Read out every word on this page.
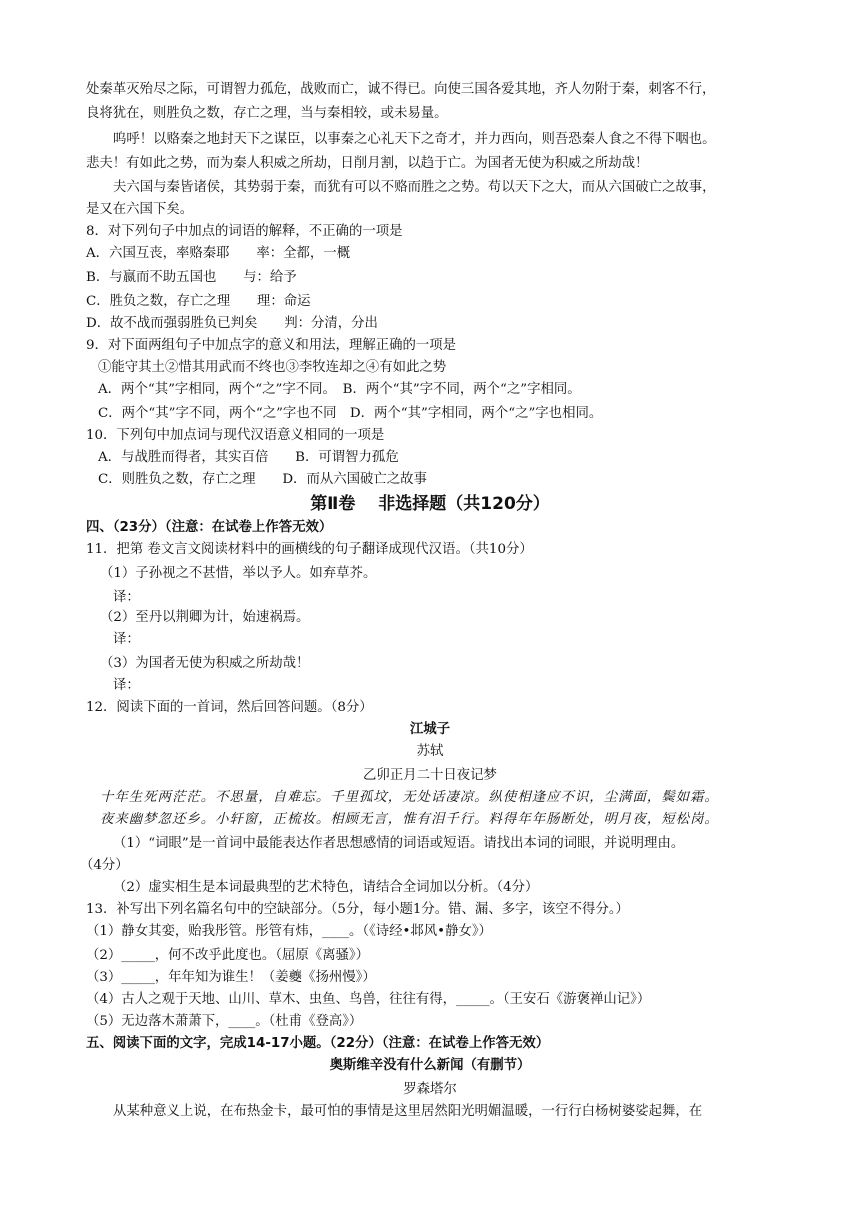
处秦革灭殆尽之际，可谓智力孤危，战败而亡，诚不得已。向使三国各爱其地，齐人勿附于秦，刺客不行，
良将犹在，则胜负之数，存亡之理，当与秦相较，或未易量。
呜呼！以赂秦之地封天下之谋臣，以事秦之心礼天下之奇才，并力西向，则吾恐秦人食之不得下咽也。
悲夫！有如此之势，而为秦人积威之所劫，日削月割，以趋于亡。为国者无使为积威之所劫哉！
夫六国与秦皆诸侯，其势弱于秦，而犹有可以不赂而胜之之势。苟以天下之大，而从六国破亡之故事，
是又在六国下矣。
8．对下列句子中加点的词语的解释，不正确的一项是
A．六国互丧，率赂秦耶　　率：全都，一概
B．与嬴而不助五国也　　与：给予
C．胜负之数，存亡之理　　理：命运
D．故不战而强弱胜负已判矣　　判：分清，分出
9．对下面两组句子中加点字的意义和用法，理解正确的一项是
①能守其土②惜其用武而不终也③李牧连却之④有如此之势
A．两个“其”字相同，两个“之”字不同。　B．两个“其”字不同，两个“之”字相同。
C．两个“其”字不同，两个“之”字也不同　D．两个“其”字相同，两个“之”字也相同。
10．下列句中加点词与现代汉语意义相同的一项是
A．与战胜而得者，其实百倍　　B．可谓智力孤危
C．则胜负之数，存亡之理　　D．而从六国破亡之故事
第Ⅱ卷　 非选择题（共120分）
四、（23分）（注意：在试卷上作答无效）
11．把第 卷文言文阅读材料中的画横线的句子翻译成现代汉语。（共10分）
（1）子孙视之不甚惜，举以予人。如弃草芥。
译：
（2）至丹以荆卿为计，始速祸焉。
译：
（3）为国者无使为积威之所劫哉！
译：
12．阅读下面的一首词，然后回答问题。（8分）
江城子
苏轼
乙卯正月二十日夜记梦
十年生死两茫茫。不思量，自难忘。千里孤坟，无处话凄凉。纵使相逢应不识，尘满面，鬓如霜。
夜来幽梦忽还乡。小轩窗，正梳妆。相顾无言，惟有泪千行。料得年年肠断处，明月夜，短松岗。
（1）“词眼”是一首词中最能表达作者思想感情的词语或短语。请找出本词的词眼，并说明理由。
（4分）
（2）虚实相生是本词最典型的艺术特色，请结合全词加以分析。（4分）
13．补写出下列名篇名句中的空缺部分。（5分，每小题1分。错、漏、多字，该空不得分。）
（1）静女其娈，贻我彤管。彤管有炜，____。（《诗经•邶风•静女》）
（2）_____，何不改乎此度也。（屈原《离骚》）
（3）_____，年年知为谁生！（姜夔《扬州慢》）
（4）古人之观于天地、山川、草木、虫鱼、鸟兽，往往有得，_____。（王安石《游褒禅山记》）
（5）无边落木萧萧下，____。（杜甫《登高》）
五、阅读下面的文字，完成14-17小题。（22分）（注意：在试卷上作答无效）
奥斯维辛没有什么新闻（有删节）
罗森塔尔
从某种意义上说，在布热金卡，最可怕的事情是这里居然阳光明媚温暖，一行行白杨树婆娑起舞，在
